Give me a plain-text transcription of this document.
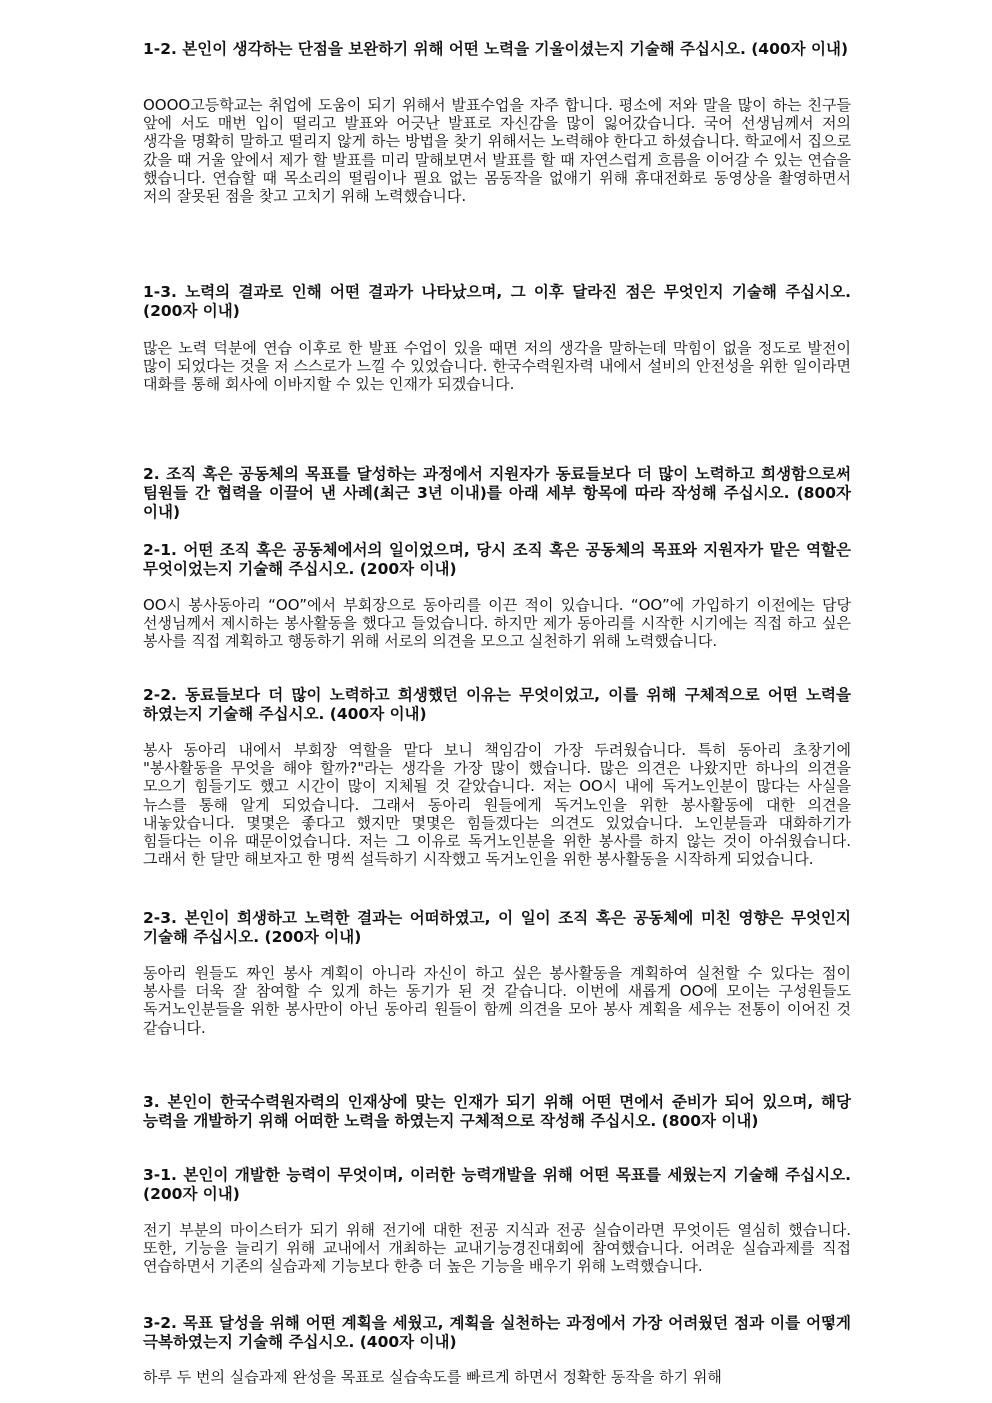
1-2. 본인이 생각하는 단점을 보완하기 위해 어떤 노력을 기울이셨는지 기술해 주십시오. (400자 이내)
OOOO고등학교는 취업에 도움이 되기 위해서 발표수업을 자주 합니다. 평소에 저와 말을 많이 하는 친구들 앞에 서도 매번 입이 떨리고 발표와 어긋난 발표로 자신감을 많이 잃어갔습니다. 국어 선생님께서 저의 생각을 명확히 말하고 떨리지 않게 하는 방법을 찾기 위해서는 노력해야 한다고 하셨습니다. 학교에서 집으로 갔을 때 거울 앞에서 제가 할 발표를 미리 말해보면서 발표를 할 때 자연스럽게 흐름을 이어갈 수 있는 연습을 했습니다. 연습할 때 목소리의 떨림이나 필요 없는 몸동작을 없애기 위해 휴대전화로 동영상을 촬영하면서 저의 잘못된 점을 찾고 고치기 위해 노력했습니다.
1-3. 노력의 결과로 인해 어떤 결과가 나타났으며, 그 이후 달라진 점은 무엇인지 기술해 주십시오. (200자 이내)
많은 노력 덕분에 연습 이후로 한 발표 수업이 있을 때면 저의 생각을 말하는데 막힘이 없을 정도로 발전이 많이 되었다는 것을 저 스스로가 느낄 수 있었습니다. 한국수력원자력 내에서 설비의 안전성을 위한 일이라면 대화를 통해 회사에 이바지할 수 있는 인재가 되겠습니다.
2. 조직 혹은 공동체의 목표를 달성하는 과정에서 지원자가 동료들보다 더 많이 노력하고 희생함으로써 팀원들 간 협력을 이끌어 낸 사례(최근 3년 이내)를 아래 세부 항목에 따라 작성해 주십시오. (800자 이내)
2-1. 어떤 조직 혹은 공동체에서의 일이었으며, 당시 조직 혹은 공동체의 목표와 지원자가 맡은 역할은 무엇이었는지 기술해 주십시오. (200자 이내)
OO시 봉사동아리 “OO”에서 부회장으로 동아리를 이끈 적이 있습니다. “OO”에 가입하기 이전에는 담당 선생님께서 제시하는 봉사활동을 했다고 들었습니다. 하지만 제가 동아리를 시작한 시기에는 직접 하고 싶은 봉사를 직접 계획하고 행동하기 위해 서로의 의견을 모으고 실천하기 위해 노력했습니다.
2-2. 동료들보다 더 많이 노력하고 희생했던 이유는 무엇이었고, 이를 위해 구체적으로 어떤 노력을 하였는지 기술해 주십시오. (400자 이내)
봉사 동아리 내에서 부회장 역할을 맡다 보니 책임감이 가장 두려웠습니다. 특히 동아리 초창기에 "봉사활동을 무엇을 해야 할까?"라는 생각을 가장 많이 했습니다. 많은 의견은 나왔지만 하나의 의견을 모으기 힘들기도 했고 시간이 많이 지체될 것 같았습니다. 저는 OO시 내에 독거노인분이 많다는 사실을 뉴스를 통해 알게 되었습니다. 그래서 동아리 원들에게 독거노인을 위한 봉사활동에 대한 의견을 내놓았습니다. 몇몇은 좋다고 했지만 몇몇은 힘들겠다는 의견도 있었습니다. 노인분들과 대화하기가 힘들다는 이유 때문이었습니다. 저는 그 이유로 독거노인분을 위한 봉사를 하지 않는 것이 아쉬웠습니다. 그래서 한 달만 해보자고 한 명씩 설득하기 시작했고 독거노인을 위한 봉사활동을 시작하게 되었습니다.
2-3. 본인이 희생하고 노력한 결과는 어떠하였고, 이 일이 조직 혹은 공동체에 미친 영향은 무엇인지 기술해 주십시오. (200자 이내)
동아리 원들도 짜인 봉사 계획이 아니라 자신이 하고 싶은 봉사활동을 계획하여 실천할 수 있다는 점이 봉사를 더욱 잘 참여할 수 있게 하는 동기가 된 것 같습니다. 이번에 새롭게 OO에 모이는 구성원들도 독거노인분들을 위한 봉사만이 아닌 동아리 원들이 함께 의견을 모아 봉사 계획을 세우는 전통이 이어진 것 같습니다.
3. 본인이 한국수력원자력의 인재상에 맞는 인재가 되기 위해 어떤 면에서 준비가 되어 있으며, 해당 능력을 개발하기 위해 어떠한 노력을 하였는지 구체적으로 작성해 주십시오. (800자 이내)
3-1. 본인이 개발한 능력이 무엇이며, 이러한 능력개발을 위해 어떤 목표를 세웠는지 기술해 주십시오. (200자 이내)
전기 부분의 마이스터가 되기 위해 전기에 대한 전공 지식과 전공 실습이라면 무엇이든 열심히 했습니다. 또한, 기능을 늘리기 위해 교내에서 개최하는 교내기능경진대회에 참여했습니다. 어려운 실습과제를 직접 연습하면서 기존의 실습과제 기능보다 한층 더 높은 기능을 배우기 위해 노력했습니다.
3-2. 목표 달성을 위해 어떤 계획을 세웠고, 계획을 실천하는 과정에서 가장 어려웠던 점과 이를 어떻게 극복하였는지 기술해 주십시오. (400자 이내)
하루 두 번의 실습과제 완성을 목표로 실습속도를 빠르게 하면서 정확한 동작을 하기 위해
